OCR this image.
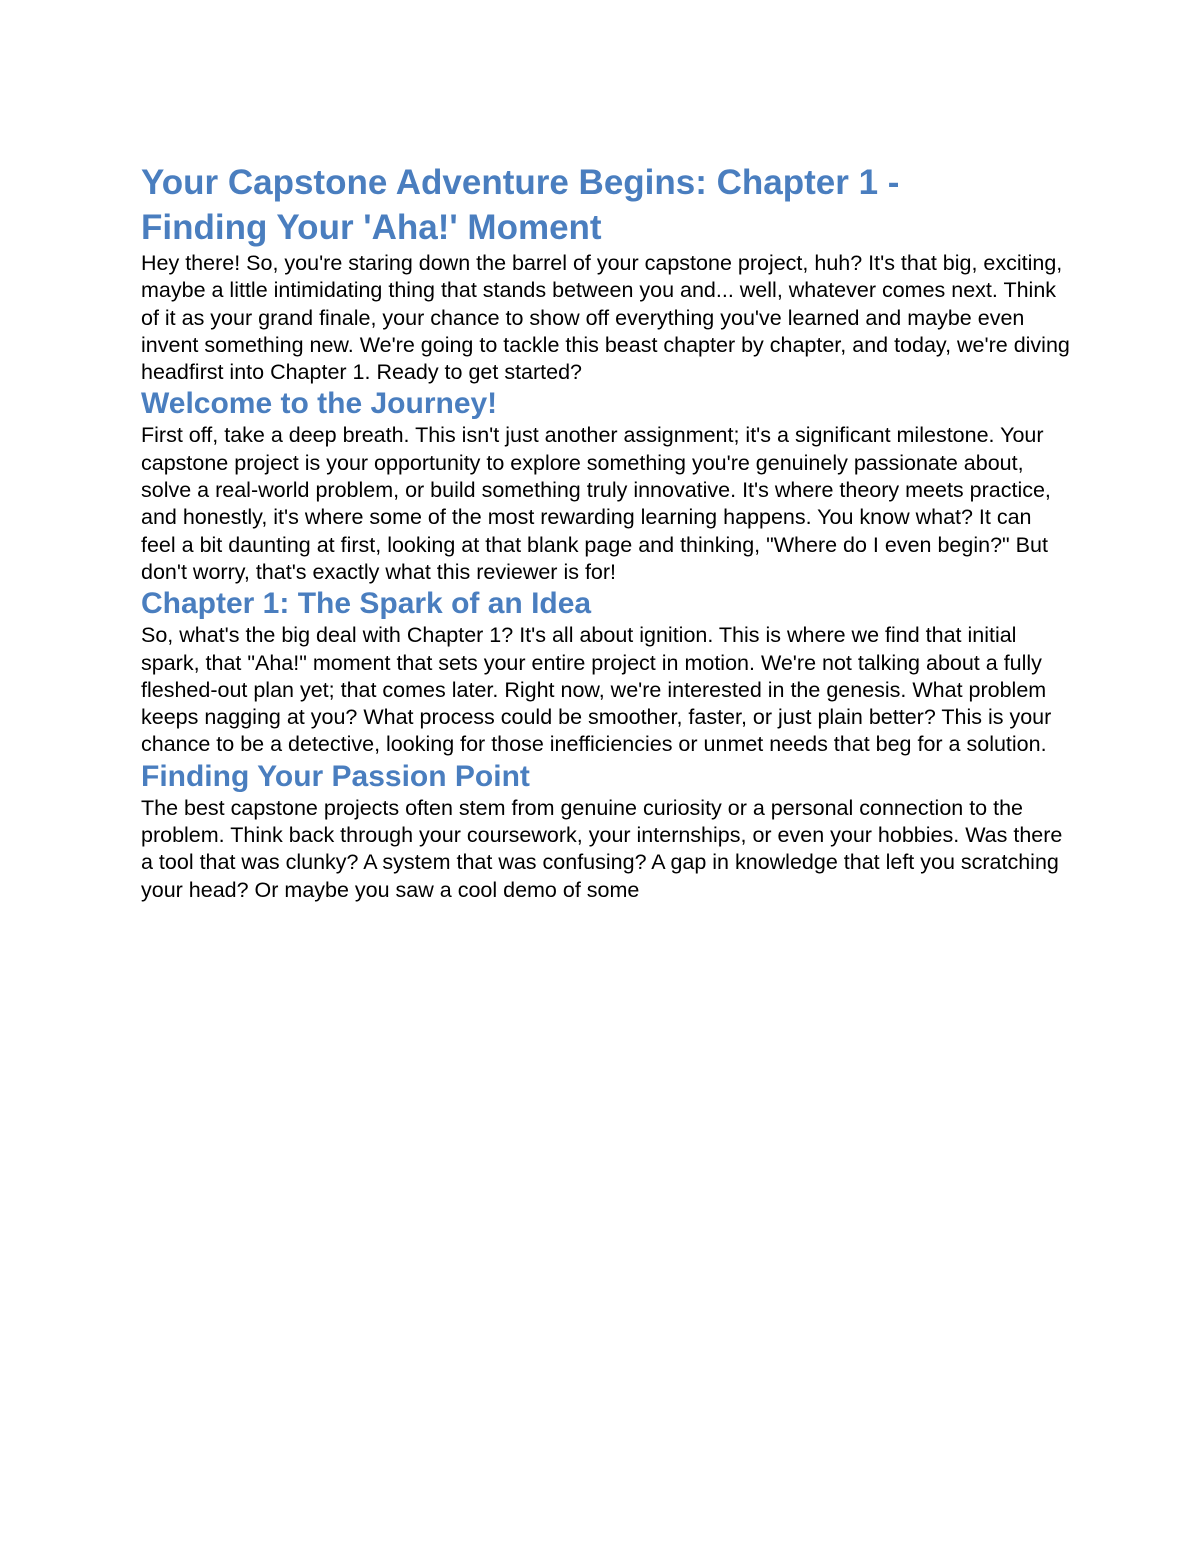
Your Capstone Adventure Begins: Chapter 1 -
Finding Your 'Aha!' Moment

Hey there! So, you're staring down the barrel of your capstone project, huh? It's that big, exciting, maybe a little intimidating thing that stands between you and... well, whatever comes next. Think of it as your grand finale, your chance to show off everything you've learned and maybe even invent something new. We're going to tackle this beast chapter by chapter, and today, we're diving headfirst into Chapter 1. Ready to get started?

Welcome to the Journey!

First off, take a deep breath. This isn't just another assignment; it's a significant milestone. Your capstone project is your opportunity to explore something you're genuinely passionate about, solve a real-world problem, or build something truly innovative. It's where theory meets practice, and honestly, it's where some of the most rewarding learning happens. You know what? It can feel a bit daunting at first, looking at that blank page and thinking, "Where do I even begin?" But don't worry, that's exactly what this reviewer is for!

Chapter 1: The Spark of an Idea

So, what's the big deal with Chapter 1? It's all about ignition. This is where we find that initial spark, that "Aha!" moment that sets your entire project in motion. We're not talking about a fully fleshed-out plan yet; that comes later. Right now, we're interested in the genesis. What problem keeps nagging at you? What process could be smoother, faster, or just plain better? This is your chance to be a detective, looking for those inefficiencies or unmet needs that beg for a solution.

Finding Your Passion Point

The best capstone projects often stem from genuine curiosity or a personal connection to the problem. Think back through your coursework, your internships, or even your hobbies. Was there a tool that was clunky? A system that was confusing? A gap in knowledge that left you scratching your head? Or maybe you saw a cool demo of some
